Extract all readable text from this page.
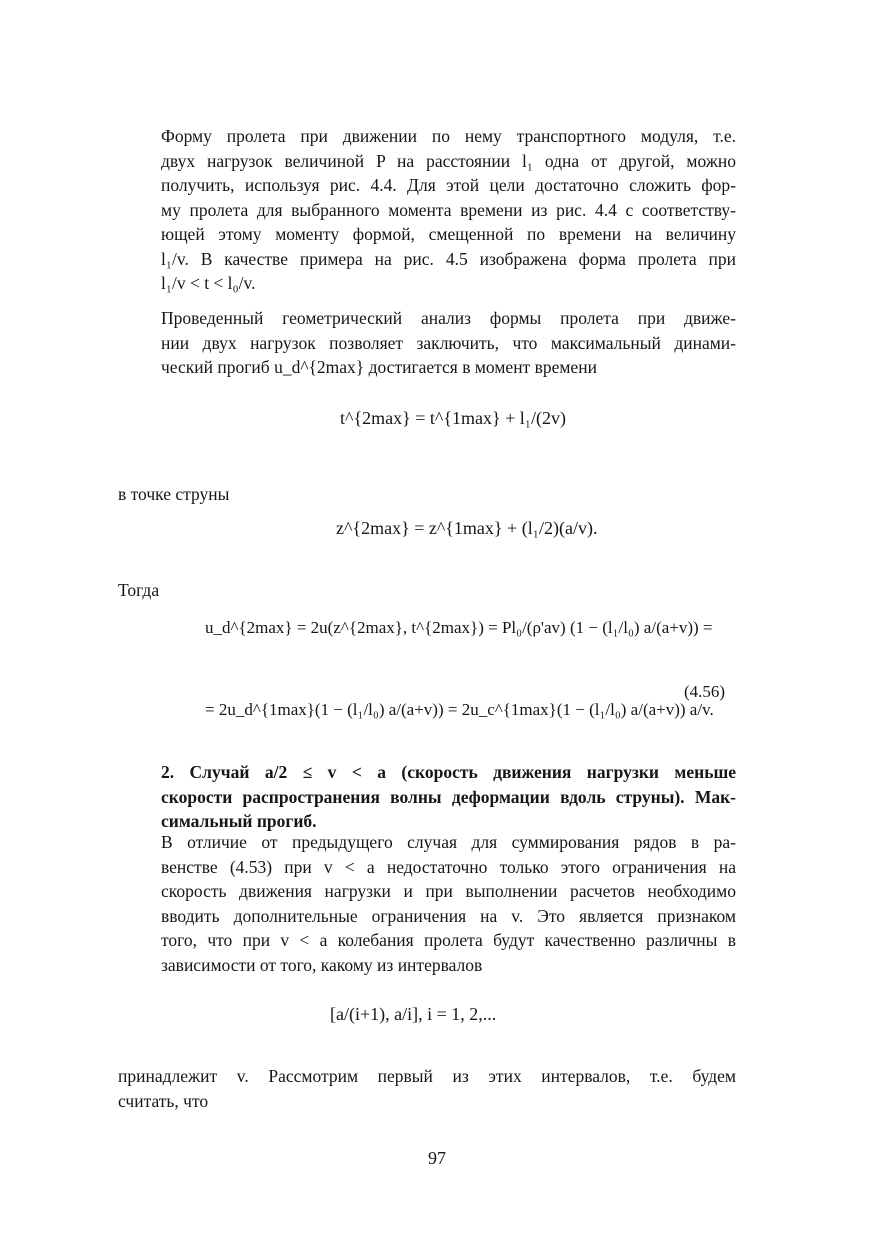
Форму пролета при движении по нему транспортного модуля, т.е.
двух нагрузок величиной P на расстоянии l₁ одна от другой, можно
получить, используя рис. 4.4. Для этой цели достаточно сложить фор-
му пролета для выбранного момента времени из рис. 4.4 с соответству-
ющей этому моменту формой, смещенной по времени на величину
l₁/v. В качестве примера на рис. 4.5 изображена форма пролета при
l₁/v < t < l₀/v.
Проведенный геометрический анализ формы пролета при движе-
нии двух нагрузок позволяет заключить, что максимальный динами-
ческий прогиб u_d^{2max} достигается в момент времени
t^{2max} = t^{1max} + l₁/(2v)
в точке струны
z^{2max} = z^{1max} + (l₁/2)(a/v).
Тогда
u_d^{2max} = 2u(z^{2max}, t^{2max}) = Pl₀/(ρ'av) (1 − (l₁/l₀) a/(a+v)) =
= 2u_d^{1max}(1 − (l₁/l₀) a/(a+v)) = 2u_c^{1max}(1 − (l₁/l₀) a/(a+v)) a/v.
(4.56)
2. Случай a/2 ≤ v < a (скорость движения нагрузки меньше
скорости распространения волны деформации вдоль струны). Мак-
симальный прогиб.
В отличие от предыдущего случая для суммирования рядов в ра-
венстве (4.53) при v < a недостаточно только этого ограничения на
скорость движения нагрузки и при выполнении расчетов необходимо
вводить дополнительные ограничения на v. Это является признаком
того, что при v < a колебания пролета будут качественно различны в
зависимости от того, какому из интервалов
[a/(i+1), a/i], i = 1, 2,...
принадлежит v. Рассмотрим первый из этих интервалов, т.е. будем
считать, что
97
